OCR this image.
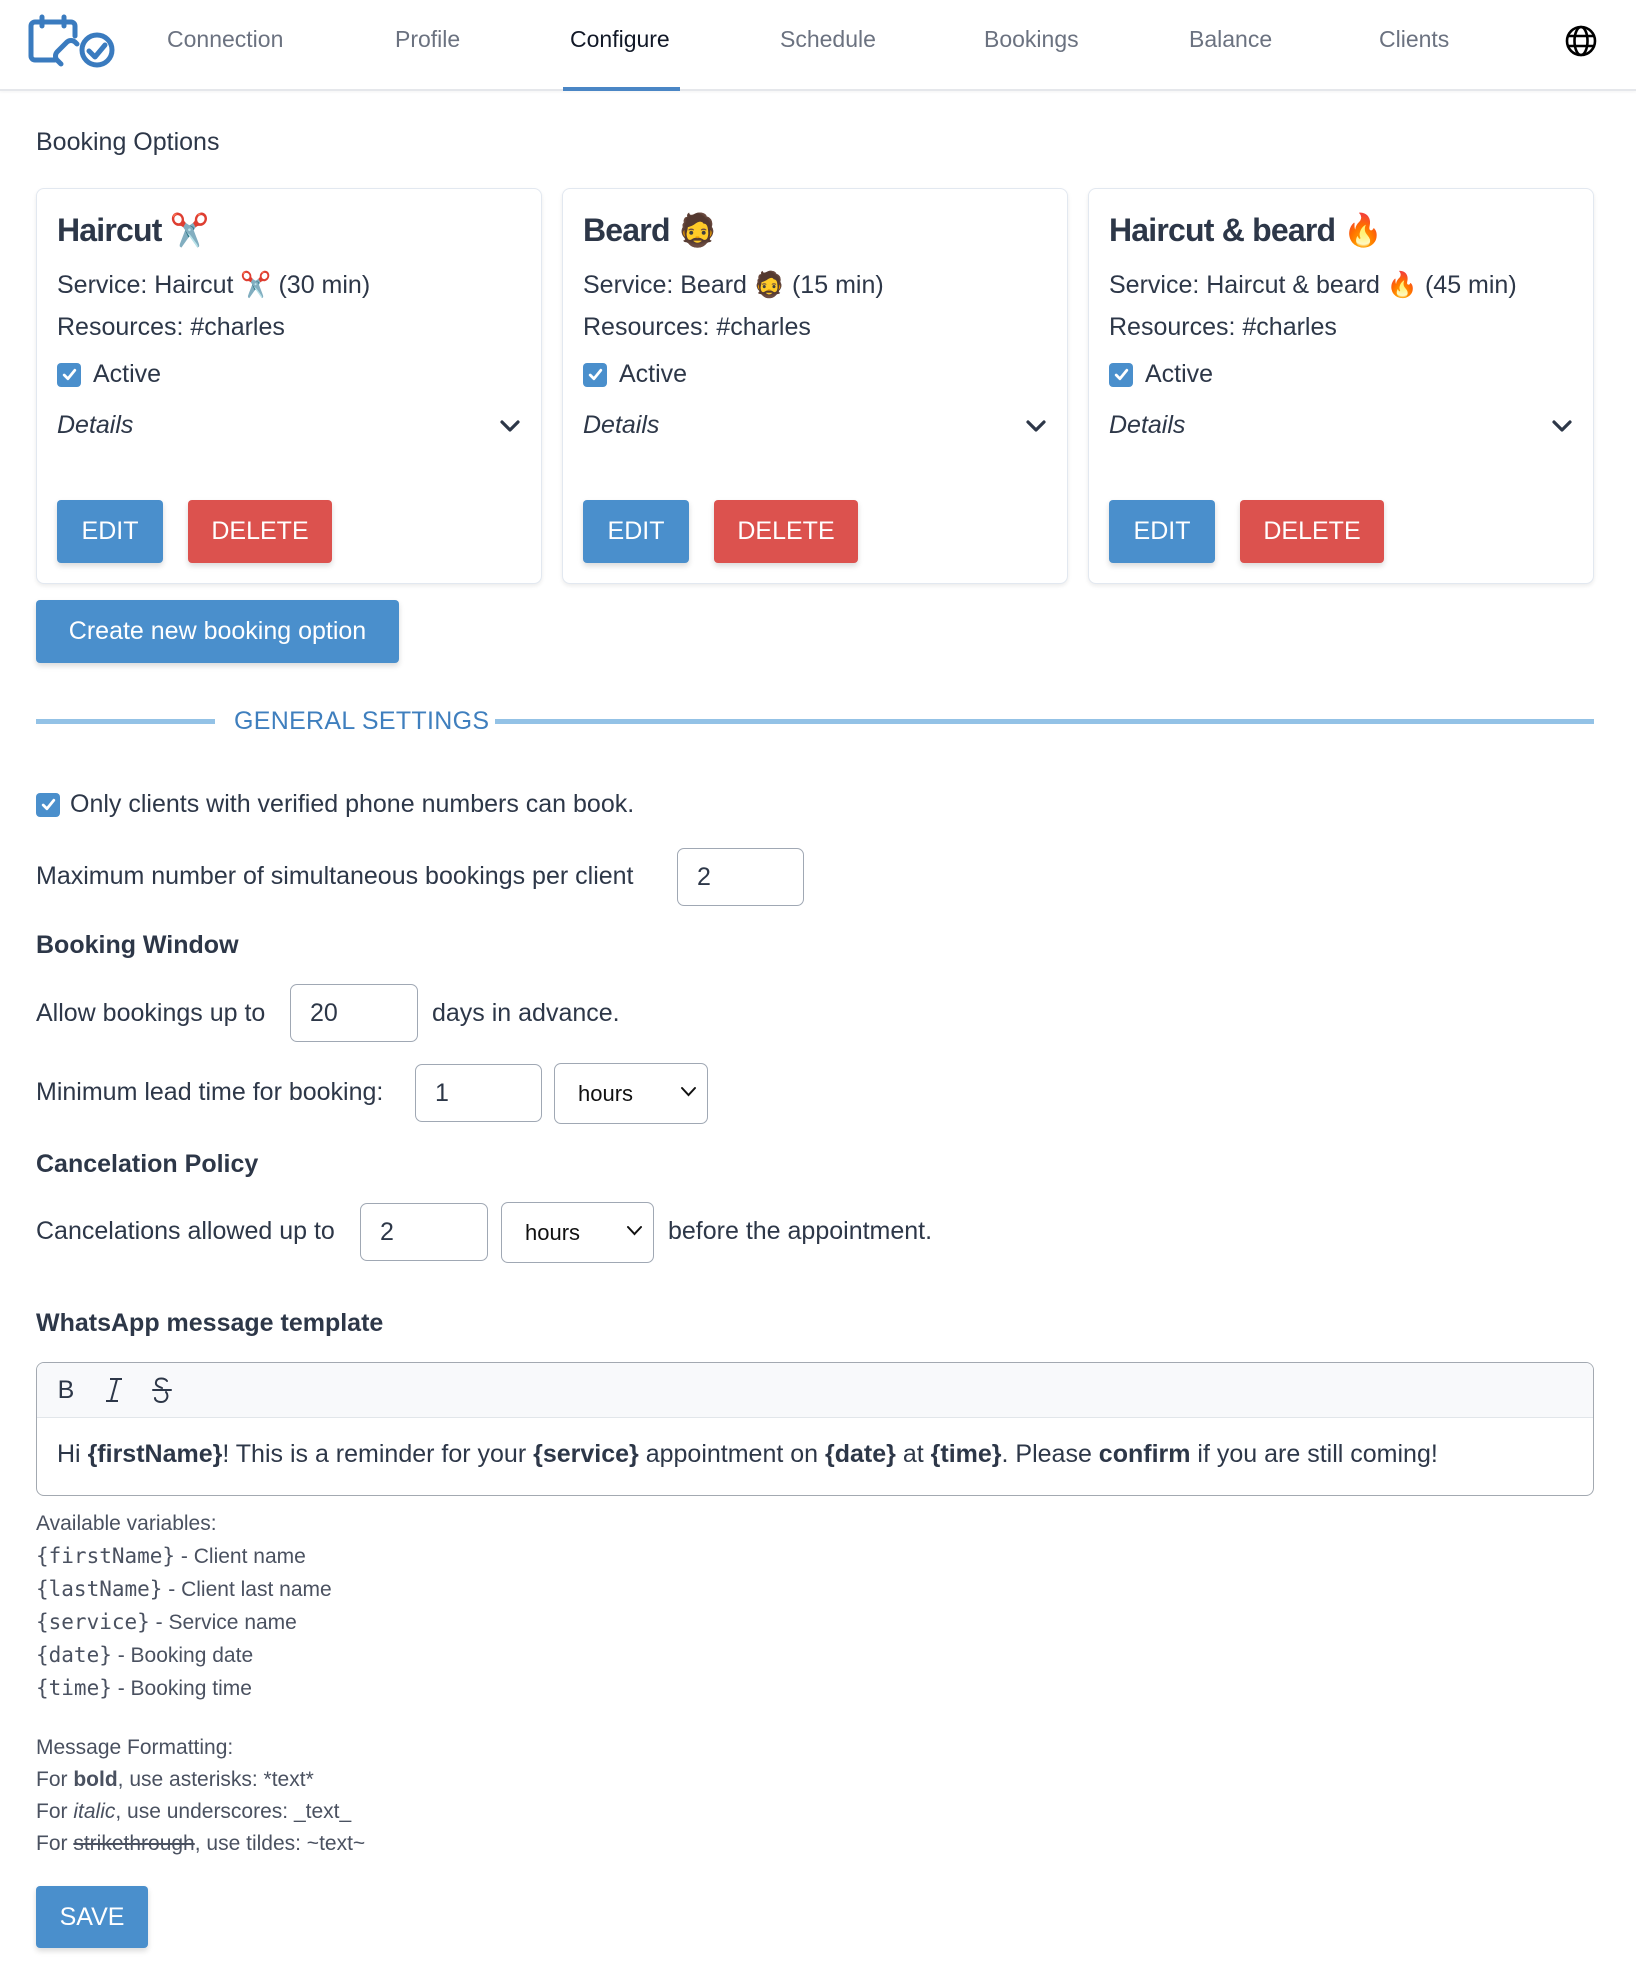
Connection	Profile	Configure	Schedule	Bookings	Balance	Clients
Booking Options
Haircut ✂️
Service: Haircut ✂️ (30 min)
Resources: #charles
Active
Details
EDIT	DELETE
Beard 🧔
Service: Beard 🧔 (15 min)
Resources: #charles
Active
Details
EDIT	DELETE
Haircut & beard 🔥
Service: Haircut & beard 🔥 (45 min)
Resources: #charles
Active
Details
EDIT	DELETE
Create new booking option
GENERAL SETTINGS
Only clients with verified phone numbers can book.
Maximum number of simultaneous bookings per client	2
Booking Window
Allow bookings up to	20	days in advance.
Minimum lead time for booking:	1	hours
Cancelation Policy
Cancelations allowed up to	2	hours	before the appointment.
WhatsApp message template
B
Hi {firstName}! This is a reminder for your {service} appointment on {date} at {time}. Please confirm if you are still coming!
Available variables:
{firstName} - Client name
{lastName} - Client last name
{service} - Service name
{date} - Booking date
{time} - Booking time
Message Formatting:
For bold, use asterisks: *text*
For italic, use underscores: _text_
For strikethrough, use tildes: ~text~
SAVE
